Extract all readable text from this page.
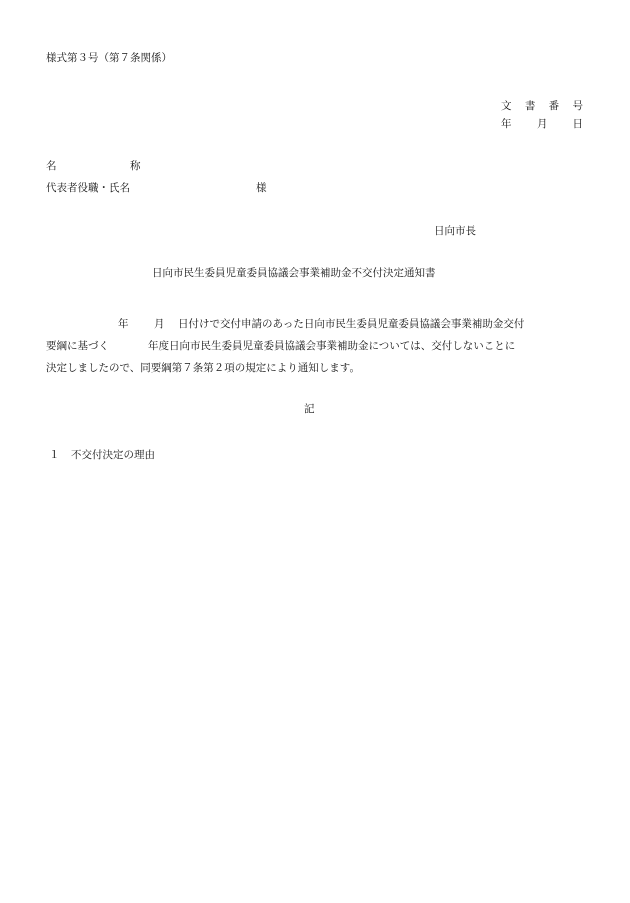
様式第３号（第７条関係）
文 書 番 号
年	月	日
名	称
代表者役職・氏名	様
日向市長
日向市民生委員児童委員協議会事業補助金不交付決定通知書
年	月	日付けで交付申請のあった日向市民生委員児童委員協議会事業補助金交付
要綱に基づく	年度日向市民生委員児童委員協議会事業補助金については、交付しないことに
決定しましたので、同要綱第７条第２項の規定により通知します。
記
１	不交付決定の理由
